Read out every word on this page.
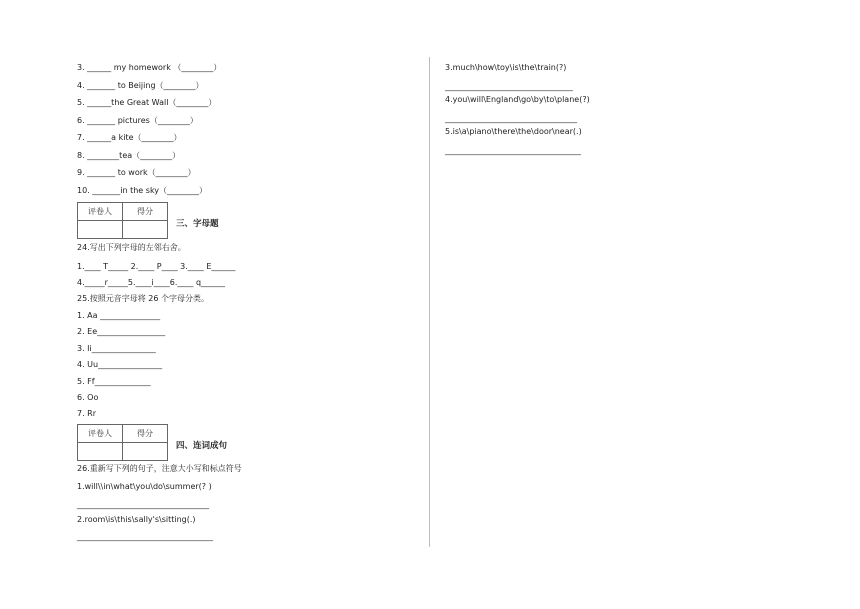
3. ______ my homework （________）
4. _______ to Beijing（________）
5. ______the Great Wall（________）
6. _______ pictures（________）
7. ______a kite（________）
8. ________tea（________）
9. _______ to work（________）
10. _______in the sky（________）
评卷人	得分

三、字母题
24.写出下列字母的左邻右舍。
1.____ T_____ 2.____ P____ 3.____ E______
4._____r_____5.____i____6.____ q______
25.按照元音字母将 26 个字母分类。
1. Aa _______________
2. Ee_________________
3. Ii________________
4. Uu________________
5. Ff______________
6. Oo
7. Rr
评卷人	得分

四、连词成句
26.重新写下列的句子，注意大小写和标点符号
1.will\\in\what\you\do\summer(? )
_________________________________
2.room\is\this\sally's\sitting(.)
__________________________________
3.much\how\toy\is\the\train(?)
________________________________
4.you\will\England\go\by\to\plane(?)
_________________________________
5.is\a\piano\there\the\door\near(.)
__________________________________
